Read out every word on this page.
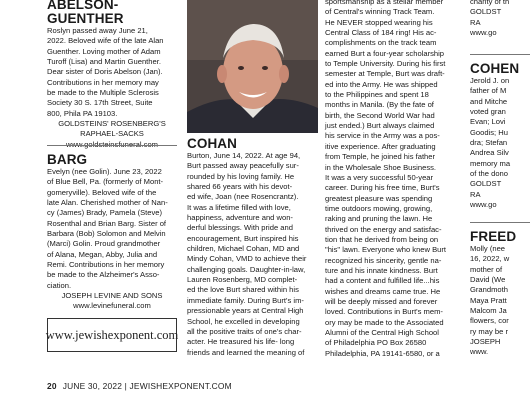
ABELSON-GUENTHER
Roslyn passed away June 21,
2022. Beloved wife of the late Alan
Guenther. Loving mother of Adam
Turoff (Lisa) and Martin Guenther.
Dear sister of Doris Abelson (Jan).
Contributions in her memory may
be made to the Multiple Sclerosis
Society 30 S. 17th Street, Suite
800, Phila PA 19103.
GOLDSTEINS' ROSENBERG'S
RAPHAEL-SACKS
BARG
Evelyn (nee Golin). June 23, 2022
of Blue Bell, Pa. (formerly of Mont-
gomeryville). Beloved wife of the
late Alan. Cherished mother of Nan-
cy (James) Brady, Pamela (Steve)
Rosenthal and Brian Barg. Sister of
Barbara (Bob) Solomon and Melvin
(Marci) Golin. Proud grandmother
of Alana, Megan, Abby, Julia and
Remi. Contributions in her memory
be made to the Alzheimer's Asso-
ciation.
JOSEPH LEVINE AND SONS
www.levinefuneral.com
www.jewishexponent.com
COHAN
Burton, June 14, 2022. At age 94,
Burt passed away peacefully sur-
rounded by his loving family. He
shared 66 years with his devot-
ed wife, Joan (nee Rosencrantz).
It was a lifetime filled with love,
happiness, adventure and won-
derful blessings. With pride and
encouragement, Burt inspired his
children, Michael Cohan, MD and
Mindy Cohan, VMD to achieve their
challenging goals. Daughter-in-law,
Lauren Rosenberg, MD complet-
ed the love Burt shared within his
immediate family. During Burt's im-
pressionable years at Central High
School, he excelled in developing
all the positive traits of one's char-
acter. He treasured his life- long
friends and learned the meaning of
sportsmanship as a stellar member
of Central's winning Track Team.
He NEVER stopped wearing his
Central Class of 184 ring! His ac-
complishments on the track team
earned Burt a four-year scholarship
to Temple University. During his first
semester at Temple, Burt was draft-
ed into the Army. He was shipped
to the Philippines and spent 18
months in Manila. (By the fate of
birth, the Second World War had
just ended.) Burt always claimed
his service in the Army was a pos-
itive experience. After graduating
from Temple, he joined his father
in the Wholesale Shoe Business.
It was a very successful 50-year
career. During his free time, Burt's
greatest pleasure was spending
time outdoors mowing, growing,
raking and pruning the lawn. He
thrived on the energy and satisfac-
tion that he derived from being on
"his" lawn. Everyone who knew Burt
recognized his sincerity, gentle na-
ture and his innate kindness. Burt
had a content and fulfilled life...his
wishes and dreams came true. He
will be deeply missed and forever
loved. Contributions in Burt's mem-
ory may be made to the Associated
Alumni of the Central High School
of Philadelphia PO Box 26580
Philadelphia, PA 19141-6580, or a
charity of th
GOLDST
RA
www.go
COHEN
Jerold J. on
father of M
and Mitche
voted gran
Evan; Lovi
Goodis; Hu
dra; Stefan
Andrea Silv
memory ma
of the dono
GOLDST
RA
www.go
FREED
Molly (nee
16, 2022, w
mother of
David (We
Grandmoth
Maya Pratt
Malcom Ja
flowers, cor
ry may be r
JOSEPH
www.
20 JUNE 30, 2022 | JEWISHEXPONENT.COM
